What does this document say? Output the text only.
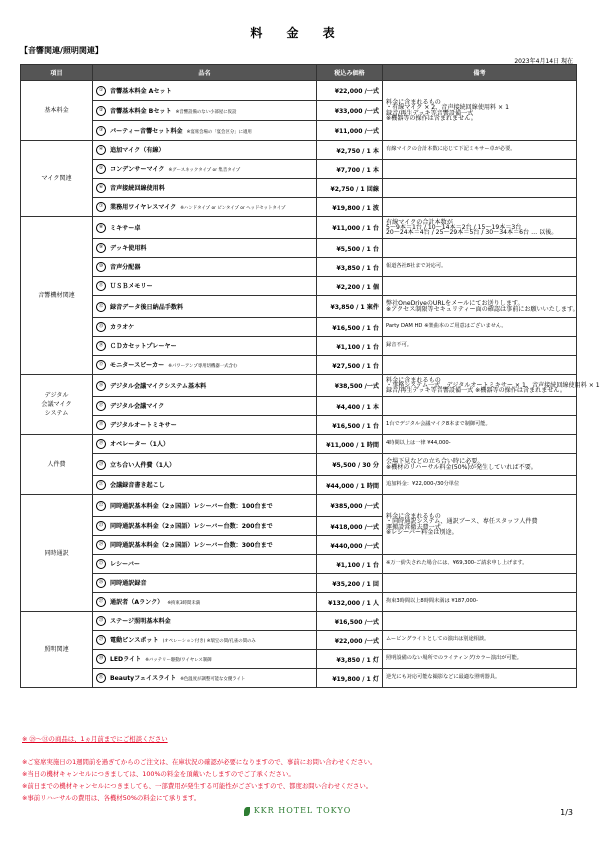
料 金 表
【音響関連/照明関連】
2023年4月14日 現在
項目	品名	税込み価格	備考
基本料金	① 音響基本料金 Aセット	¥22,000 /一式	料金に含まれるもの
・有線マイク × 2、音声接続回線使用料 × 1
録音/再生デッキ等音響設備一式
※機器等の操作は含まれません。
	② 音響基本料金 Bセット ※音響設備のない小部屋に仮設	¥33,000 /一式	
	③ パーティー音響セット料金 ※宴席会場の「宴会区分」に適用	¥11,000 /一式	
マイク関連	④ 追加マイク（有線）	¥2,750 / 1 本	有線マイクの合計本数に応じて下記ミキサー卓が必要。
	⑤ コンデンサーマイク ※グースネックタイプ or 集音タイプ	¥7,700 / 1 本	
	⑥ 音声接続回線使用料	¥2,750 / 1 回線	
	⑦ 業務用ワイヤレスマイク ※ハンドタイプ or ピンタイプ or ヘッドセットタイプ	¥19,800 / 1 波	
音響機材関連	⑧ ミキサー卓	¥11,000 / 1 台	有線マイクの合計本数が
5〜9本＝1台 / 10〜14本＝2台 / 15〜19本＝3台
20〜24本＝4台 / 25〜29本＝5台 / 30〜34本＝6台 … 以後。
	⑨ デッキ使用料	¥5,500 / 1 台	
	⑩ 音声分配器	¥3,850 / 1 台	報道各社8社まで対応可。
	⑪ ＵＳＢメモリー	¥2,200 / 1 個	
	⑫ 録音データ後日納品手数料	¥3,850 / 1 案件	弊社OneDriveのURLをメールにてお送りします。
※アクセス制限等セキュリティー面の確認は事前にお願いいたします。
	⑬ カラオケ	¥16,500 / 1 台	Party DAM HD ※楽曲本のご用意はございません。
	⑭ ＣＤカセットプレーヤー	¥1,100 / 1 台	録音不可。
	⑮ モニタースピーカー ※パワーアンプ専用切機器一式含む	¥27,500 / 1 台	
デジタル
会議マイク
システム	⑯ デジタル会議マイクシステム基本料	¥38,500 /一式	料金に含まれるもの
・事務システム一式、デジタルオートミキサー × 1、音声接続回線使用料 × 1
録音/再生デッキ等音響設備一式 ※機器等の操作は含まれません。
	⑰ デジタル会議マイク	¥4,400 / 1 本	
	⑱ デジタルオートミキサー	¥16,500 / 1 台	1台でデジタル会議マイク8本まで制御可能。
人件費	⑲ オペレーター（1人）	¥11,000 / 1 時間	4時間以上は一律 ¥44,000-
	⑳ 立ち合い人件費（1人）	¥5,500 / 30 分	会場下見などの立ち合い時に必要。
※機材のリハーサル料金(50%)が発生していれば不要。
	㉑ 会議録音書き起こし	¥44,000 / 1 時間	追加料金：¥22,000-/30分単位
同時通訳	㉒ 同時通訳基本料金（2ヵ国語）レシーバー台数：100台まで	¥385,000 /一式	料金に含まれるもの
・同時通訳システム、通訳ブース、専任スタッフ人件費
運搬設営撤去費一式
※レシーバー料金は別途。
	㉓ 同時通訳基本料金（2ヵ国語）レシーバー台数：200台まで	¥418,000 /一式	
	㉔ 同時通訳基本料金（2ヵ国語）レシーバー台数：300台まで	¥440,000 /一式	
	㉕ レシーバー	¥1,100 / 1 台	※万一紛失された場合には、¥69,300-ご請求申し上げます。
	㉖ 同時通訳録音	¥35,200 / 1 回	
	㉗ 通訳者（Aランク） ※拘束3時間未満	¥132,000 / 1 人	拘束3時間以上8時間未満は ¥187,000-
照明関連	㉘ ステージ照明基本料金	¥16,500 /一式	
	㉙ 電動ピンスポット (オペレーション付き) ※瑞宝の間/孔雀の間のみ	¥22,000 /一式	ムービングライトとしての演出は別途相談。
	㉚ LEDライト ※バッテリー駆動/ワイヤレス制御	¥3,850 / 1 灯	照明設備のない場所でのライティング/カラー演出が可能。
	㉛ Beautyフェイスライト ※色温度が調整可能な女優ライト	¥19,800 / 1 灯	逆光にも対応可能な撮影などに最適な照明器具。
※ ㉘〜㉛の商品は、1ヵ月前までにご相談ください
※ご宴席実施日の1週間前を過ぎてからのご注文は、在庫状況の確認が必要になりますので、事前にお問い合わせください。
※当日の機材キャンセルにつきましては、100%の料金を頂戴いたしますのでご了承ください。
※前日までの機材キャンセルにつきましても、一部費用が発生する可能性がございますので、都度お問い合わせください。
※事前リハーサルの費用は、各機材50%の料金にて承ります。
KKR HOTEL TOKYO	1/3
